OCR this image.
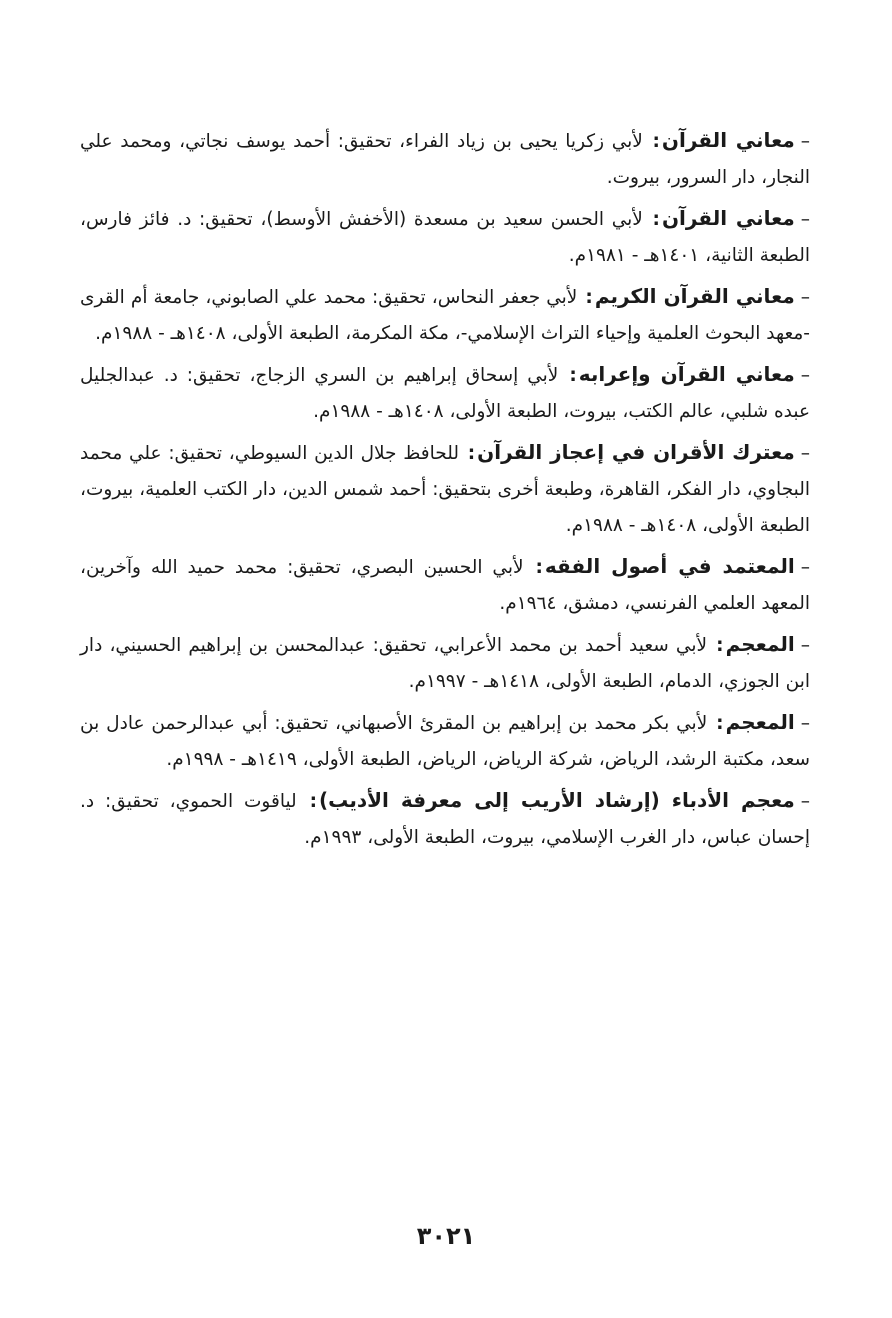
–معاني القرآن: لأبي زكريا يحيى بن زياد الفراء، تحقيق: أحمد يوسف نجاتي، ومحمد علي النجار، دار السرور، بيروت.

–معاني القرآن: لأبي الحسن سعيد بن مسعدة (الأخفش الأوسط)، تحقيق: د. فائز فارس، الطبعة الثانية، ١٤٠١هـ - ١٩٨١م.

–معاني القرآن الكريم: لأبي جعفر النحاس، تحقيق: محمد علي الصابوني، جامعة أم القرى -معهد البحوث العلمية وإحياء التراث الإسلامي-، مكة المكرمة، الطبعة الأولى، ١٤٠٨هـ - ١٩٨٨م.

–معاني القرآن وإعرابه: لأبي إسحاق إبراهيم بن السري الزجاج، تحقيق: د. عبدالجليل عبده شلبي، عالم الكتب، بيروت، الطبعة الأولى، ١٤٠٨هـ - ١٩٨٨م.

–معترك الأقران في إعجاز القرآن: للحافظ جلال الدين السيوطي، تحقيق: علي محمد البجاوي، دار الفكر، القاهرة، وطبعة أخرى بتحقيق: أحمد شمس الدين، دار الكتب العلمية، بيروت، الطبعة الأولى، ١٤٠٨هـ - ١٩٨٨م.

–المعتمد في أصول الفقه: لأبي الحسين البصري، تحقيق: محمد حميد الله وآخرين، المعهد العلمي الفرنسي، دمشق، ١٩٦٤م.

–المعجم: لأبي سعيد أحمد بن محمد الأعرابي، تحقيق: عبدالمحسن بن إبراهيم الحسيني، دار ابن الجوزي، الدمام، الطبعة الأولى، ١٤١٨هـ - ١٩٩٧م.

–المعجم: لأبي بكر محمد بن إبراهيم بن المقرئ الأصبهاني، تحقيق: أبي عبدالرحمن عادل بن سعد، مكتبة الرشد، الرياض، شركة الرياض، الرياض، الطبعة الأولى، ١٤١٩هـ - ١٩٩٨م.

–معجم الأدباء (إرشاد الأريب إلى معرفة الأديب): لياقوت الحموي، تحقيق: د. إحسان عباس، دار الغرب الإسلامي، بيروت، الطبعة الأولى، ١٩٩٣م.

٣٠٢١
